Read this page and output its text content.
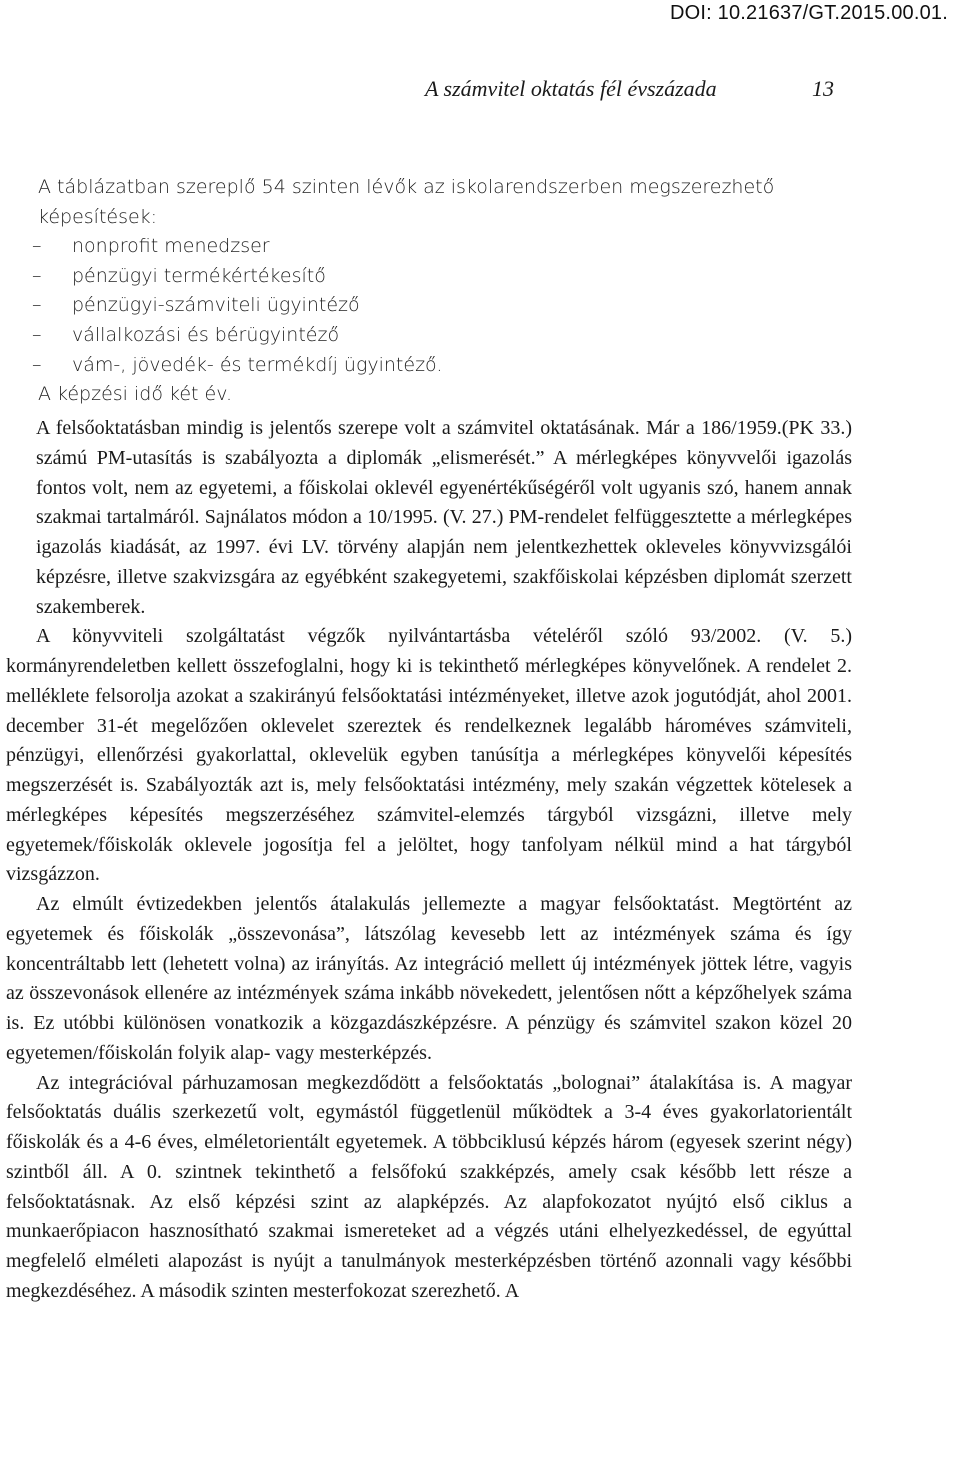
DOI: 10.21637/GT.2015.00.01.
A számvitel oktatás fél évszázada	13
A táblázatban szereplő 54 szinten lévők az iskolarendszerben megszerezhető képesítések:
– nonprofit menedzser
– pénzügyi termékértékesítő
– pénzügyi-számviteli ügyintéző
– vállalkozási és bérügyintéző
– vám-, jövedék- és termékdíj ügyintéző.
A képzési idő két év.

A felsőoktatásban mindig is jelentős szerepe volt a számvitel oktatásának. Már a 186/1959.(PK 33.) számú PM-utasítás is szabályozta a diplomák „elismerését.” A mérlegképes könyvvelői igazolás fontos volt, nem az egyetemi, a főiskolai oklevél egyenértékűségéről volt ugyanis szó, hanem annak szakmai tartalmáról. Sajnálatos módon a 10/1995. (V. 27.) PM-rendelet felfüggesztette a mérlegképes igazolás kiadását, az 1997. évi LV. törvény alapján nem jelentkezhettek okleveles könyvvizsgálói képzésre, illetve szakvizsgára az egyébként szakegyetemi, szakfőiskolai képzésben diplomát szerzett szakemberek.

A könyvviteli szolgáltatást végzők nyilvántartásba vételéről szóló 93/2002. (V. 5.) kormányrendeletben kellett összefoglalni, hogy ki is tekinthető mérlegképes könyvelőnek. A rendelet 2. melléklete felsorolja azokat a szakirányú felsőoktatási intézményeket, illetve azok jogutódját, ahol 2001. december 31-ét megelőzően oklevelet szereztek és rendelkeznek legalább hároméves számviteli, pénzügyi, ellenőrzési gyakorlattal, oklevelük egyben tanúsítja a mérlegképes könyvelői képesítés megszerzését is. Szabályozták azt is, mely felsőoktatási intézmény, mely szakán végzettek kötelesek a mérlegképes képesítés megszerzéséhez számvitel-elemzés tárgyból vizsgázni, illetve mely egyetemek/főiskolák oklevele jogosítja fel a jelöltet, hogy tanfolyam nélkül mind a hat tárgyból vizsgázzon.

Az elmúlt évtizedekben jelentős átalakulás jellemezte a magyar felsőoktatást. Megtörtént az egyetemek és főiskolák „összevonása”, látszólag kevesebb lett az intézmények száma és így koncentráltabb lett (lehetett volna) az irányítás. Az integráció mellett új intézmények jöttek létre, vagyis az összevonások ellenére az intézmények száma inkább növekedett, jelentősen nőtt a képzőhelyek száma is. Ez utóbbi különösen vonatkozik a közgazdászképzésre. A pénzügy és számvitel szakon közel 20 egyetemen/főiskolán folyik alap- vagy mesterképzés.

Az integrációval párhuzamosan megkezdődött a felsőoktatás „bolognai” átalakítása is. A magyar felsőoktatás duális szerkezetű volt, egymástól függetlenül működtek a 3-4 éves gyakorlatorientált főiskolák és a 4-6 éves, elméletorientált egyetemek. A többciklusú képzés három (egyesek szerint négy) szintből áll. A 0. szintnek tekinthető a felsőfokú szakképzés, amely csak később lett része a felsőoktatásnak. Az első képzési szint az alapképzés. Az alapfokozatot nyújtó első ciklus a munkaerőpiacon hasznosítható szakmai ismereteket ad a végzés utáni elhelyezkedéssel, de egyúttal megfelelő elméleti alapozást is nyújt a tanulmányok mesterképzésben történő azonnali vagy későbbi megkezdéséhez. A második szinten mesterfokozat szerezhető. A
